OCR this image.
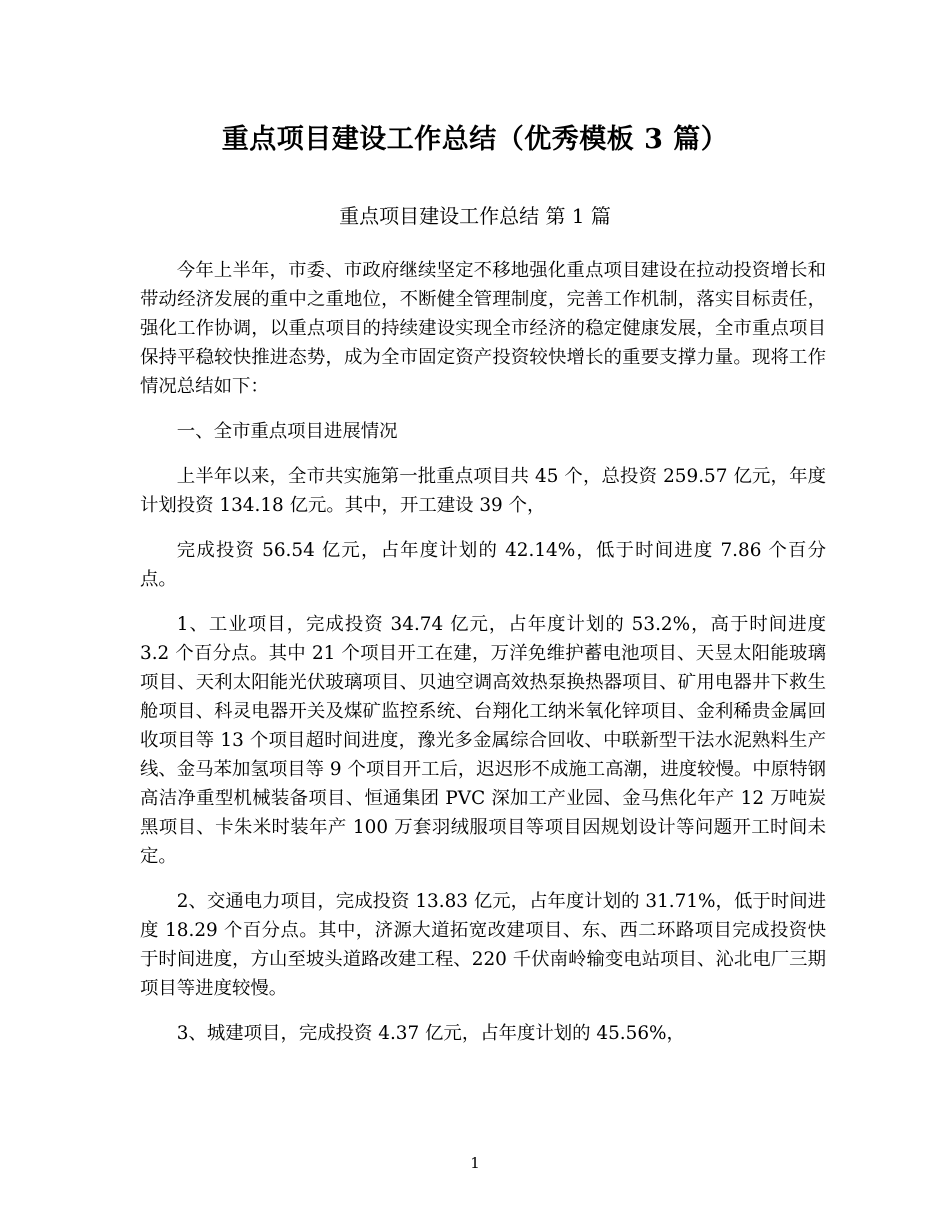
重点项目建设工作总结（优秀模板 3 篇）
重点项目建设工作总结 第 1 篇

今年上半年，市委、市政府继续坚定不移地强化重点项目建设在拉动投资增长和带动经济发展的重中之重地位，不断健全管理制度，完善工作机制，落实目标责任，强化工作协调，以重点项目的持续建设实现全市经济的稳定健康发展，全市重点项目保持平稳较快推进态势，成为全市固定资产投资较快增长的重要支撑力量。现将工作情况总结如下：

一、全市重点项目进展情况

上半年以来，全市共实施第一批重点项目共 45 个，总投资 259.57 亿元，年度计划投资 134.18 亿元。其中，开工建设 39 个，

完成投资 56.54 亿元，占年度计划的 42.14%，低于时间进度 7.86 个百分点。

1、工业项目，完成投资 34.74 亿元，占年度计划的 53.2%，高于时间进度 3.2 个百分点。其中 21 个项目开工在建，万洋免维护蓄电池项目、天昱太阳能玻璃项目、天利太阳能光伏玻璃项目、贝迪空调高效热泵换热器项目、矿用电器井下救生舱项目、科灵电器开关及煤矿监控系统、台翔化工纳米氧化锌项目、金利稀贵金属回收项目等 13 个项目超时间进度，豫光多金属综合回收、中联新型干法水泥熟料生产线、金马苯加氢项目等 9 个项目开工后，迟迟形不成施工高潮，进度较慢。中原特钢高洁净重型机械装备项目、恒通集团 PVC 深加工产业园、金马焦化年产 12 万吨炭黑项目、卡朱米时装年产 100 万套羽绒服项目等项目因规划设计等问题开工时间未定。

2、交通电力项目，完成投资 13.83 亿元，占年度计划的 31.71%，低于时间进度 18.29 个百分点。其中，济源大道拓宽改建项目、东、西二环路项目完成投资快于时间进度，方山至坡头道路改建工程、220 千伏南岭输变电站项目、沁北电厂三期项目等进度较慢。

3、城建项目，完成投资 4.37 亿元，占年度计划的 45.56%，

1
